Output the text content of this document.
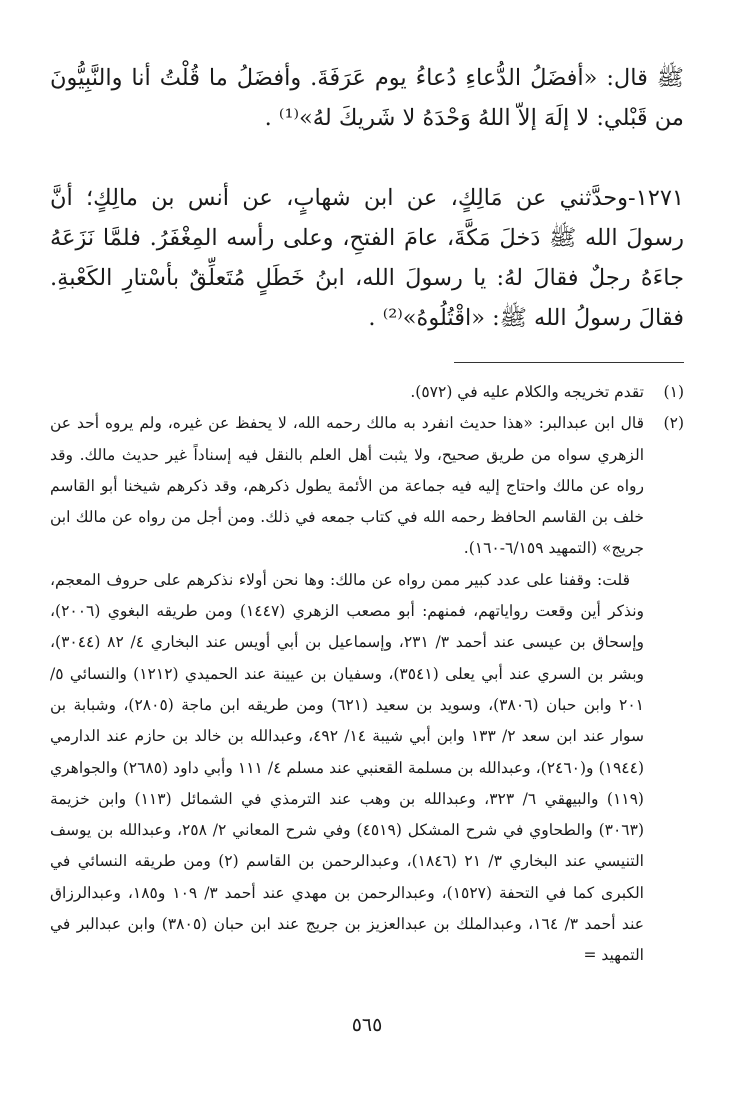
ﷺ قال: «أفضَلُ الدُّعاءِ دُعاءُ يوم عَرَفَةَ. وأفضَلُ ما قُلْتُ أنا والنَّبِيُّونَ من قَبْلي: لا إلَهَ إلاّ اللهُ وَحْدَهُ لا شَريكَ لهُ»⁽¹⁾ .

١٢٧١-وحدَّثني عن مَالِكٍ، عن ابن شهابٍ، عن أنس بن مالِكٍ؛ أنَّ رسولَ الله ﷺ دَخلَ مَكَّةَ، عامَ الفتحِ، وعلى رأسه المِغْفَرُ. فلمَّا نَزَعَهُ جاءَهُ رجلٌ فقالَ لهُ: يا رسولَ الله، ابنُ خَطَلٍ مُتَعلِّقٌ بأسْتارِ الكَعْبةِ. فقالَ رسولُ الله ﷺ: «اقْتُلُوهُ»⁽²⁾ .

(١)

تقدم تخريجه والكلام عليه في (٥٧٢).

(٢)

قال ابن عبدالبر: «هذا حديث انفرد به مالك رحمه الله، لا يحفظ عن غيره، ولم يروه أحد عن الزهري سواه من طريق صحيح، ولا يثبت أهل العلم بالنقل فيه إسناداً غير حديث مالك. وقد رواه عن مالك واحتاج إليه فيه جماعة من الأئمة يطول ذكرهم، وقد ذكرهم شيخنا أبو القاسم خلف بن القاسم الحافظ رحمه الله في كتاب جمعه في ذلك. ومن أجل من رواه عن مالك ابن جريج» (التمهيد ٦/١٥٩-١٦٠).

قلت: وقفنا على عدد كبير ممن رواه عن مالك: وها نحن أولاء نذكرهم على حروف المعجم، ونذكر أين وقعت رواياتهم، فمنهم: أبو مصعب الزهري (١٤٤٧) ومن طريقه البغوي (٢٠٠٦)، وإسحاق بن عيسى عند أحمد ٣/ ٢٣١، وإسماعيل بن أبي أويس عند البخاري ٤/ ٨٢ (٣٠٤٤)، وبشر بن السري عند أبي يعلى (٣٥٤١)، وسفيان بن عيينة عند الحميدي (١٢١٢) والنسائي ٥/ ٢٠١ وابن حبان (٣٨٠٦)، وسويد بن سعيد (٦٢١) ومن طريقه ابن ماجة (٢٨٠٥)، وشبابة بن سوار عند ابن سعد ٢/ ١٣٣ وابن أبي شيبة ١٤/ ٤٩٢، وعبدالله بن خالد بن حازم عند الدارمي (١٩٤٤) و(٢٤٦٠)، وعبدالله بن مسلمة القعنبي عند مسلم ٤/ ١١١ وأبي داود (٢٦٨٥) والجواهري (١١٩) والبيهقي ٦/ ٣٢٣، وعبدالله بن وهب عند الترمذي في الشمائل (١١٣) وابن خزيمة (٣٠٦٣) والطحاوي في شرح المشكل (٤٥١٩) وفي شرح المعاني ٢/ ٢٥٨، وعبدالله بن يوسف التنيسي عند البخاري ٣/ ٢١ (١٨٤٦)، وعبدالرحمن بن القاسم (٢) ومن طريقه النسائي في الكبرى كما في التحفة (١٥٢٧)، وعبدالرحمن بن مهدي عند أحمد ٣/ ١٠٩ و١٨٥، وعبدالرزاق عند أحمد ٣/ ١٦٤، وعبدالملك بن عبدالعزيز بن جريج عند ابن حبان (٣٨٠٥) وابن عبدالبر في التمهيد =

٥٦٥
